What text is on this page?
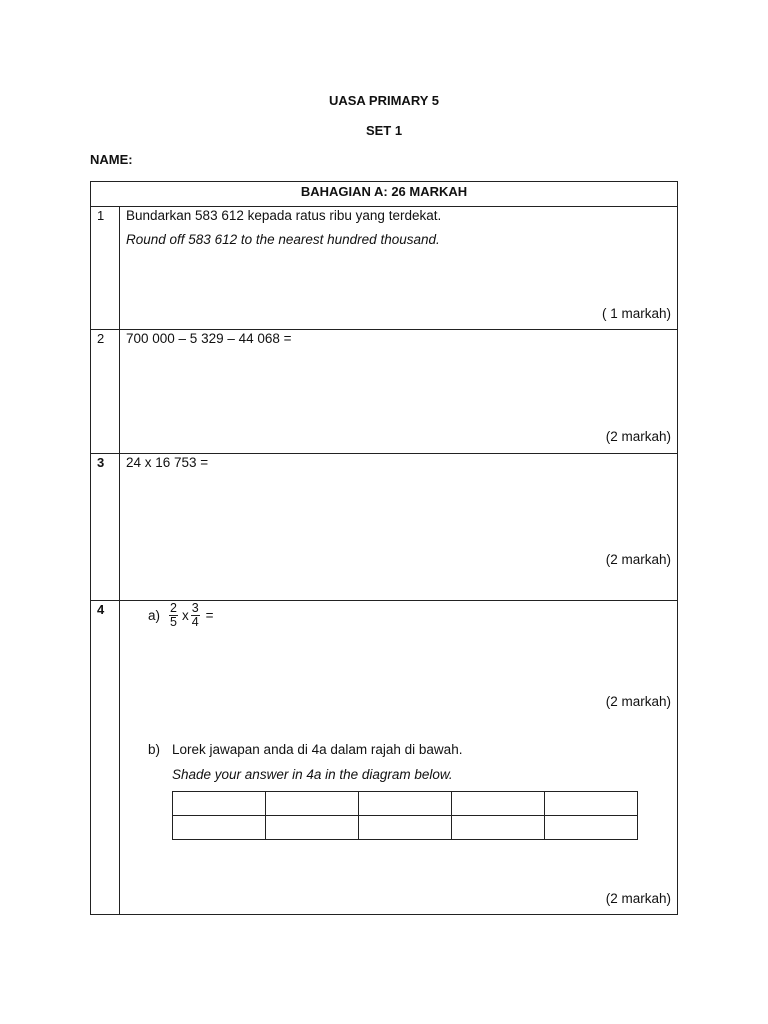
UASA PRIMARY 5
SET 1
NAME:
BAHAGIAN A: 26 MARKAH
1 Bundarkan 583 612 kepada ratus ribu yang terdekat.
Round off 583 612 to the nearest hundred thousand.
( 1 markah)
2 700 000 – 5 329 – 44 068 =
(2 markah)
3 24 x 16 753 =
(2 markah)
4	$a) \frac{2}{5}$ x $\frac{3}{4}$ =
(2 markah)
b) Lorek jawapan anda di 4a dalam rajah di bawah.
Shade your answer in 4a in the diagram below.

(2 markah)
